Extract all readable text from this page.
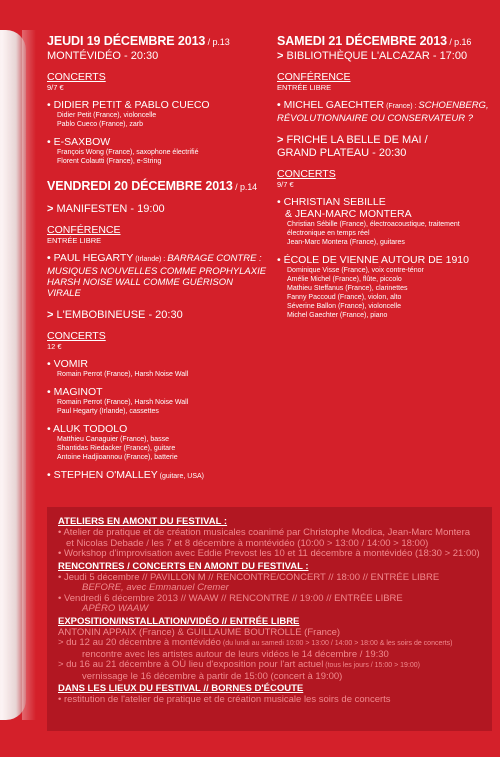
JEUDI 19 DÉCEMBRE 2013 / p.13
MONTÉVIDÉO - 20:30
CONCERTS
9/7 €
• DIDIER PETIT & PABLO CUECO
Didier Petit (France), violoncelle
Pablo Cueco (France), zarb
• E-SAXBOW
François Wong (France), saxophone électrifié
Florent Colautti (France), e-String
VENDREDI 20 DÉCEMBRE 2013 / p.14
> MANIFESTEN - 19:00
CONFÉRENCE
ENTRÉE LIBRE
• PAUL HEGARTY (Irlande) : BARRAGE CONTRE :
MUSIQUES NOUVELLES COMME PROPHYLAXIE
HARSH NOISE WALL COMME GUÉRISON VIRALE
> L'EMBOBINEUSE - 20:30
CONCERTS
12 €
• VOMIR
Romain Perrot (France), Harsh Noise Wall
• MAGINOT
Romain Perrot (France), Harsh Noise Wall
Paul Hegarty (Irlande), cassettes
• ALUK TODOLO
Matthieu Canaguier (France), basse
Shantidas Riedacker (France), guitare
Antoine Hadjioannou (France), batterie
• STEPHEN O'MALLEY (guitare, USA)
SAMEDI 21 DÉCEMBRE 2013 / p.16
> BIBLIOTHÈQUE L'ALCAZAR - 17:00
CONFÉRENCE
ENTRÉE LIBRE
• MICHEL GAECHTER (France) : SCHOENBERG,
RÉVOLUTIONNAIRE OU CONSERVATEUR ?
> FRICHE LA BELLE DE MAI /
GRAND PLATEAU - 20:30
CONCERTS
9/7 €
• CHRISTIAN SEBILLE
& JEAN-MARC MONTERA
Christian Sébille (France), électroacoustique, traitement
électronique en temps réel
Jean-Marc Montera (France), guitares
• ÉCOLE DE VIENNE AUTOUR DE 1910
Dominique Visse (France), voix contre-ténor
Amélie Michel (France), flûte, piccolo
Mathieu Steffanus (France), clarinettes
Fanny Paccoud (France), violon, alto
Séverine Ballon (France), violoncelle
Michel Gaechter (France), piano
ATELIERS EN AMONT DU FESTIVAL :
• Atelier de pratique et de création musicales coanimé par Christophe Modica, Jean-Marc Montera
et Nicolas Debade / les 7 et 8 décembre à montévidéo (10:00 > 13:00 / 14:00 > 18:00)
• Workshop d'improvisation avec Eddie Prevost les 10 et 11 décembre à montévidéo (18:30 > 21:00)
RENCONTRES / CONCERTS EN AMONT DU FESTIVAL :
• Jeudi 5 décembre // PAVILLON M // RENCONTRE/CONCERT // 18:00 // ENTRÉE LIBRE
BEFORE, avec Emmanuel Cremer
• Vendredi 6 décembre 2013 // WAAW // RENCONTRE // 19:00 // ENTRÉE LIBRE
APÉRO WAAW
EXPOSITION/INSTALLATION/VIDÉO // ENTRÉE LIBRE
ANTONIN APPAIX (France) & GUILLAUME BOUTROLLE (France)
> du 12 au 20 décembre à montévidéo (du lundi au samedi 10:00 > 13:00 / 14:00 > 18:00 & les soirs de concerts)
rencontre avec les artistes autour de leurs vidéos le 14 décembre / 19:30
> du 16 au 21 décembre à OÙ lieu d'exposition pour l'art actuel (tous les jours / 15:00 > 19:00)
vernissage le 16 décembre à partir de 15:00 (concert à 19:00)
DANS LES LIEUX DU FESTIVAL // BORNES D'ÉCOUTE
• restitution de l'atelier de pratique et de création musicale les soirs de concerts
